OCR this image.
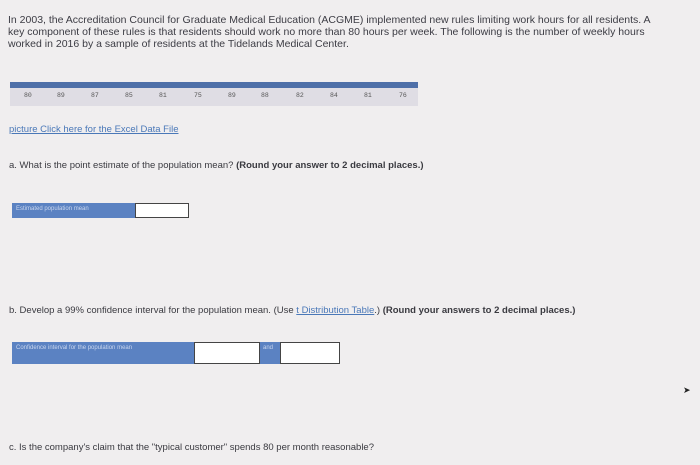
In 2003, the Accreditation Council for Graduate Medical Education (ACGME) implemented new rules limiting work hours for all residents. A key component of these rules is that residents should work no more than 80 hours per week. The following is the number of weekly hours worked in 2016 by a sample of residents at the Tidelands Medical Center.
80	89	87	85	81	75	89	88	82	84	81	76
picture Click here for the Excel Data File
a. What is the point estimate of the population mean? (Round your answer to 2 decimal places.)
Estimated population mean
b. Develop a 99% confidence interval for the population mean. (Use t Distribution Table.) (Round your answers to 2 decimal places.)
Confidence interval for the population mean	and
c. Is the company's claim that the "typical customer" spends 80 per month reasonable?
➤
